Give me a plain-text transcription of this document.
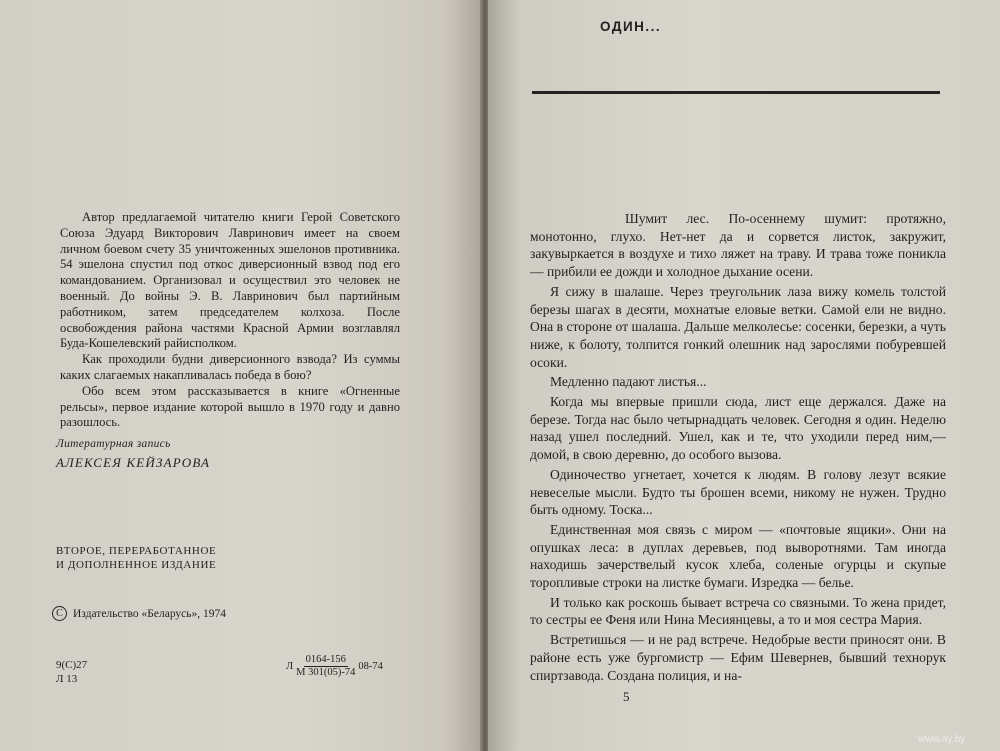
Автор предлагаемой читателю книги Герой Советского Союза Эдуард Викторович Лавринович имеет на своем личном боевом счету 35 уничтоженных эшелонов противника. 54 эшелона спустил под откос диверсионный взвод под его командованием. Организовал и осуществил это человек не военный. До войны Э. В. Лавринович был партийным работником, затем председателем колхоза. После освобождения района частями Красной Армии возглавлял Буда-Кошелевский райисполком.

Как проходили будни диверсионного взвода? Из суммы каких слагаемых накапливалась победа в бою?

Обо всем этом рассказывается в книге «Огненные рельсы», первое издание которой вышло в 1970 году и давно разошлось.

Литературная запись
АЛЕКСЕЯ КЕЙЗАРОВА
ВТОРОЕ, ПЕРЕРАБОТАННОЕ
И ДОПОЛНЕННОЕ ИЗДАНИЕ
C Издательство «Беларусь», 1974
9(С)27
Л 13
Л $\frac{0164-156}{М 301(05)-74} 08-74$
ОДИН...

Шумит лес. По-осеннему шумит: протяжно, монотонно, глухо. Нет-нет да и сорвется листок, закружит, закувыркается в воздухе и тихо ляжет на траву. И трава тоже поникла — прибили ее дожди и холодное дыхание осени.

Я сижу в шалаше. Через треугольник лаза вижу комель толстой березы шагах в десяти, мохнатые еловые ветки. Самой ели не видно. Она в стороне от шалаша. Дальше мелколесье: сосенки, березки, а чуть ниже, к болоту, толпится гонкий олешник над зарослями побуревшей осоки.

Медленно падают листья...

Когда мы впервые пришли сюда, лист еще держался. Даже на березе. Тогда нас было четырнадцать человек. Сегодня я один. Неделю назад ушел последний. Ушел, как и те, что уходили перед ним,— домой, в свою деревню, до особого вызова.

Одиночество угнетает, хочется к людям. В голову лезут всякие невеселые мысли. Будто ты брошен всеми, никому не нужен. Трудно быть одному. Тоска...

Единственная моя связь с миром — «почтовые ящики». Они на опушках леса: в дуплах деревьев, под выворотнями. Там иногда находишь зачерствелый кусок хлеба, соленые огурцы и скупые торопливые строки на листке бумаги. Изредка — белье.

И только как роскошь бывает встреча со связными. То жена придет, то сестры ее Феня или Нина Месиянцевы, а то и моя сестра Мария.

Встретишься — и не рад встрече. Недобрые вести приносят они. В районе есть уже бургомистр — Ефим Шевернев, бывший технорук спиртзавода. Создана полиция, и на-

5
www.ay.by
